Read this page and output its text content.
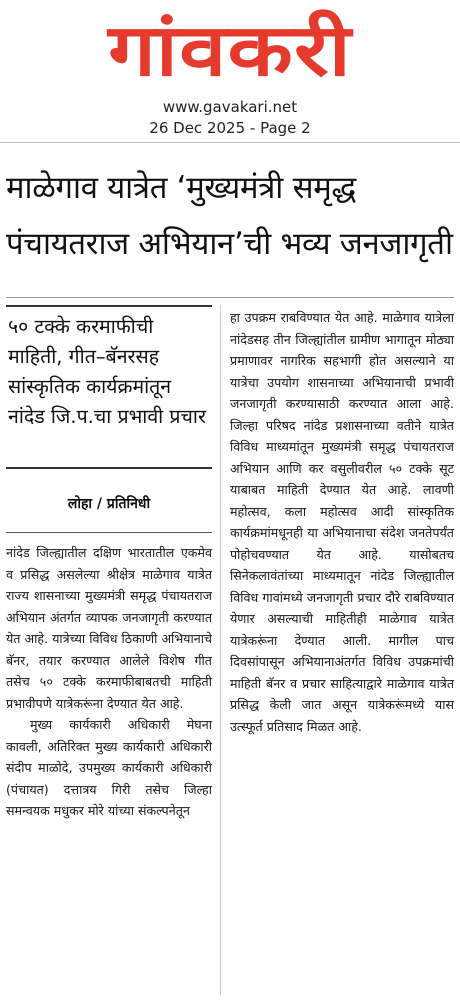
गांवकरी
www.gavakari.net
26 Dec 2025 - Page 2
माळेगाव यात्रेत ‘मुख्यमंत्री समृद्ध
पंचायतराज अभियान’ची भव्य जनजागृती
५० टक्के करमाफीची माहिती, गीत–बॅनरसह सांस्कृतिक कार्यक्रमांतून नांदेड जि.प.चा प्रभावी प्रचार
लोहा / प्रतिनिधी

नांदेड जिल्ह्यातील दक्षिण भारतातील एकमेव व प्रसिद्ध असलेल्या श्रीक्षेत्र माळेगाव यात्रेत राज्य शासनाच्या मुख्यमंत्री समृद्ध पंचायतराज अभियान अंतर्गत व्यापक जनजागृती करण्यात येत आहे. यात्रेच्या विविध ठिकाणी अभियानाचे बॅनर, तयार करण्यात आलेले विशेष गीत तसेच ५० टक्के करमाफीबाबतची माहिती प्रभावीपणे यात्रेकरूंना देण्यात येत आहे.

मुख्य कार्यकारी अधिकारी मेघना कावली, अतिरिक्त मुख्य कार्यकारी अधिकारी संदीप माळोदे, उपमुख्य कार्यकारी अधिकारी (पंचायत) दत्तात्रय गिरी तसेच जिल्हा समन्वयक मधुकर मोरे यांच्या संकल्पनेतून

हा उपक्रम राबविण्यात येत आहे. माळेगाव यात्रेला नांदेडसह तीन जिल्ह्यांतील ग्रामीण भागातून मोठ्या प्रमाणावर नागरिक सहभागी होत असल्याने या यात्रेचा उपयोग शासनाच्या अभियानाची प्रभावी जनजागृती करण्यासाठी करण्यात आला आहे. जिल्हा परिषद नांदेड प्रशासनाच्या वतीने यात्रेत विविध माध्यमांतून मुख्यमंत्री समृद्ध पंचायतराज अभियान आणि कर वसुलीवरील ५० टक्के सूट याबाबत माहिती देण्यात येत आहे. लावणी महोत्सव, कला महोत्सव आदी सांस्कृतिक कार्यक्रमांमधूनही या अभियानाचा संदेश जनतेपर्यंत पोहोचवण्यात येत आहे. यासोबतच सिनेकलावंतांच्या माध्यमातून नांदेड जिल्ह्यातील विविध गावांमध्ये जनजागृती प्रचार दौरे राबविण्यात येणार असल्याची माहितीही माळेगाव यात्रेत यात्रेकरूंना देण्यात आली. मागील पाच दिवसांपासून अभियानाअंतर्गत विविध उपक्रमांची माहिती बॅनर व प्रचार साहित्याद्वारे माळेगाव यात्रेत प्रसिद्ध केली जात असून यात्रेकरूंमध्ये यास उत्स्फूर्त प्रतिसाद मिळत आहे.
